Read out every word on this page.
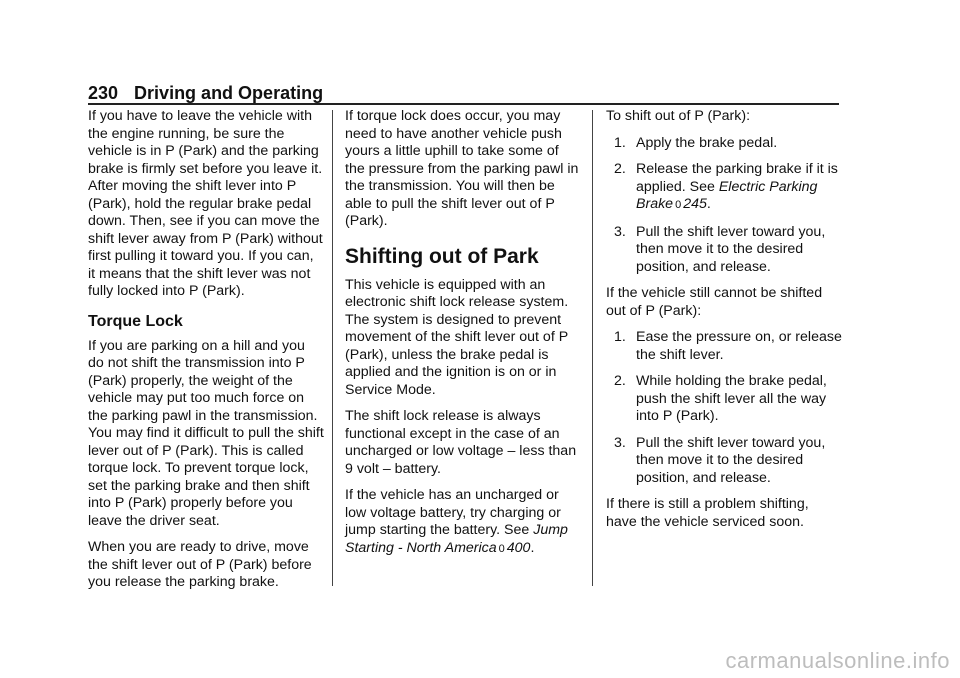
230 Driving and Operating

If you have to leave the vehicle with the engine running, be sure the vehicle is in P (Park) and the parking brake is firmly set before you leave it. After moving the shift lever into P (Park), hold the regular brake pedal down. Then, see if you can move the shift lever away from P (Park) without first pulling it toward you. If you can, it means that the shift lever was not fully locked into P (Park).

Torque Lock

If you are parking on a hill and you do not shift the transmission into P (Park) properly, the weight of the vehicle may put too much force on the parking pawl in the transmission. You may find it difficult to pull the shift lever out of P (Park). This is called torque lock. To prevent torque lock, set the parking brake and then shift into P (Park) properly before you leave the driver seat.

When you are ready to drive, move the shift lever out of P (Park) before you release the parking brake.

If torque lock does occur, you may need to have another vehicle push yours a little uphill to take some of the pressure from the parking pawl in the transmission. You will then be able to pull the shift lever out of P (Park).

Shifting out of Park

This vehicle is equipped with an electronic shift lock release system. The system is designed to prevent movement of the shift lever out of P (Park), unless the brake pedal is applied and the ignition is on or in Service Mode.

The shift lock release is always functional except in the case of an uncharged or low voltage – less than 9 volt – battery.

If the vehicle has an uncharged or low voltage battery, try charging or jump starting the battery. See Jump Starting - North America 0 400.

To shift out of P (Park):

1. Apply the brake pedal.
2. Release the parking brake if it is applied. See Electric Parking Brake 0 245.
3. Pull the shift lever toward you, then move it to the desired position, and release.

If the vehicle still cannot be shifted out of P (Park):

1. Ease the pressure on, or release the shift lever.
2. While holding the brake pedal, push the shift lever all the way into P (Park).
3. Pull the shift lever toward you, then move it to the desired position, and release.

If there is still a problem shifting, have the vehicle serviced soon.

carmanualsonline.info
